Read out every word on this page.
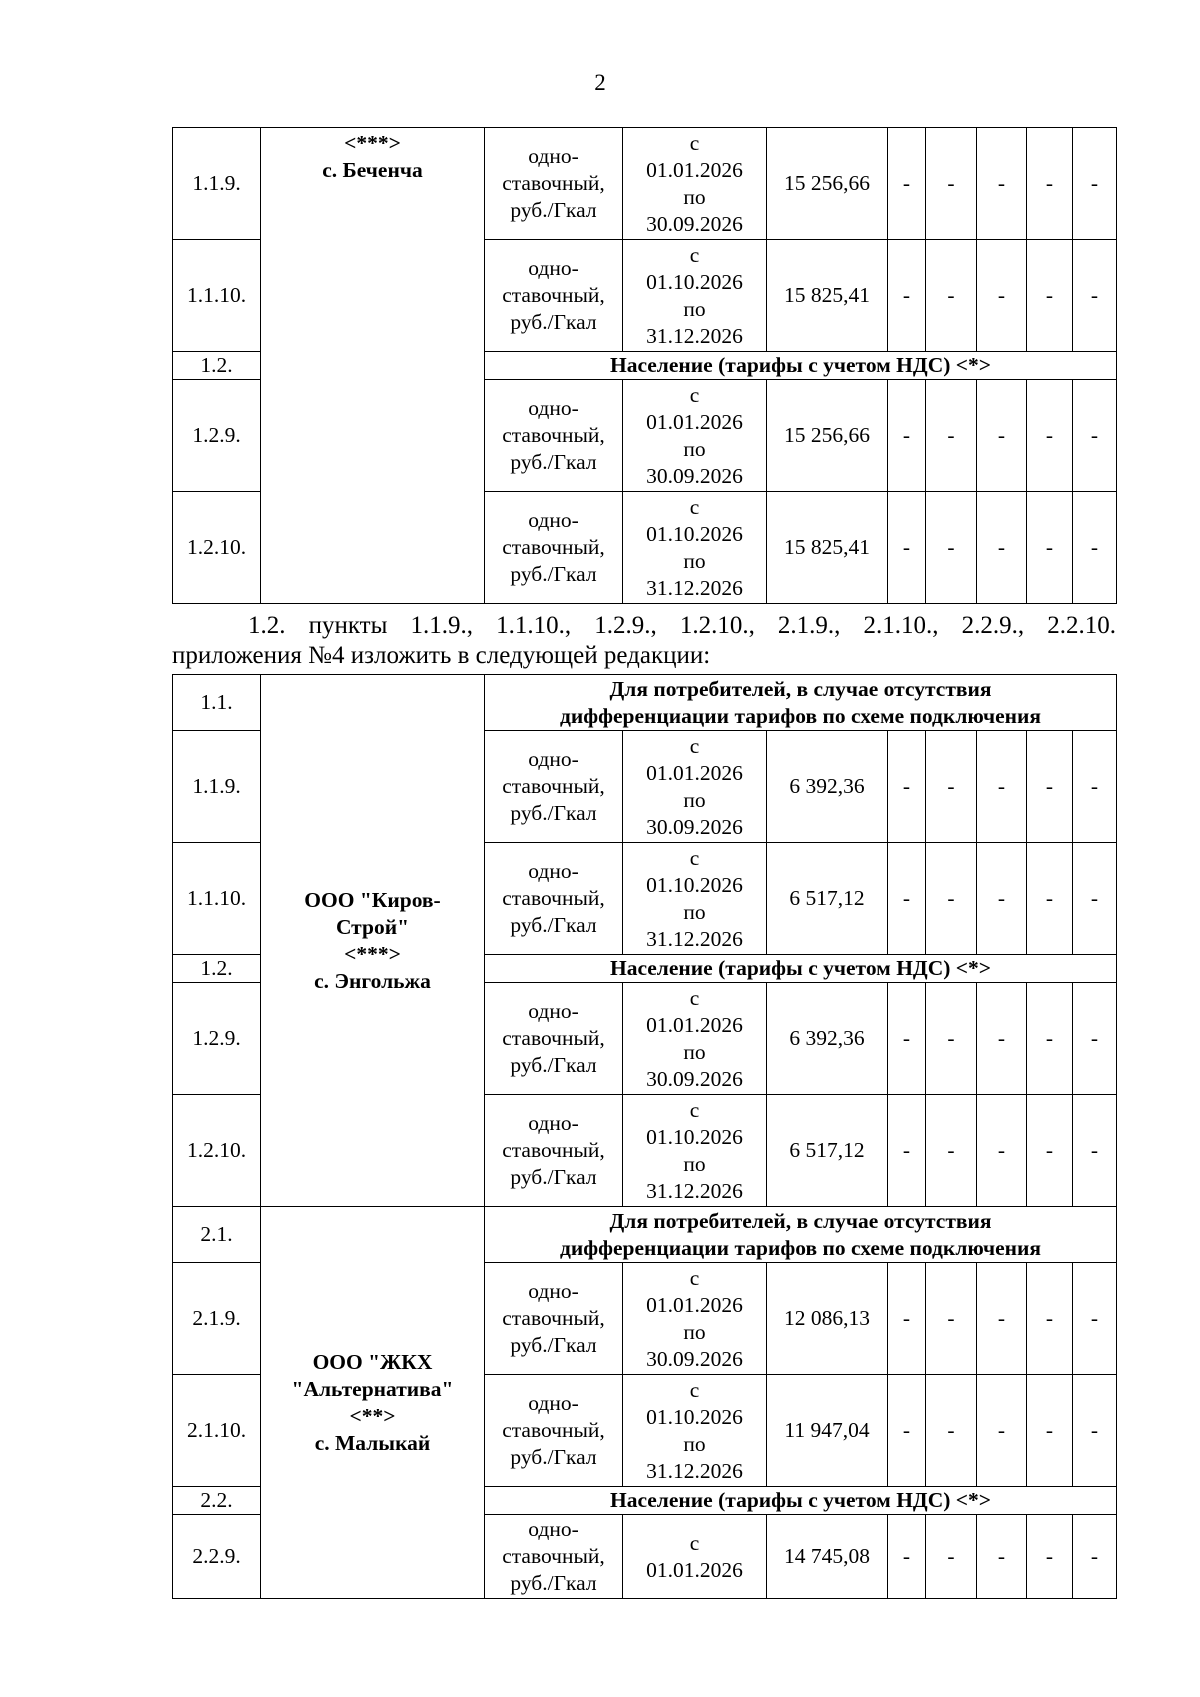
2
1.1.9.	<***>
с. Беченча	одно-
ставочный,
руб./Гкал	с
01.01.2026
по
30.09.2026	15 256,66	-	-	-	-	-
1.1.10.		одно-
ставочный,
руб./Гкал	с
01.10.2026
по
31.12.2026	15 825,41	-	-	-	-	-
1.2.		Население (тарифы с учетом НДС) <*>							
1.2.9.		одно-
ставочный,
руб./Гкал	с
01.01.2026
по
30.09.2026	15 256,66	-	-	-	-	-
1.2.10.		одно-
ставочный,
руб./Гкал	с
01.10.2026
по
31.12.2026	15 825,41	-	-	-	-	-
1.2. пункты 1.1.9., 1.1.10., 1.2.9., 1.2.10., 2.1.9., 2.1.10., 2.2.9., 2.2.10.
приложения №4 изложить в следующей редакции:
1.1.	ООО "Киров-
Строй"
<***>
с. Энгольжа	Для потребителей, в случае отсутствия
дифференциации тарифов по схеме подключения							
1.1.9.		одно-
ставочный,
руб./Гкал	с
01.01.2026
по
30.09.2026	6 392,36	-	-	-	-	-
1.1.10.		одно-
ставочный,
руб./Гкал	с
01.10.2026
по
31.12.2026	6 517,12	-	-	-	-	-
1.2.		Население (тарифы с учетом НДС) <*>							
1.2.9.		одно-
ставочный,
руб./Гкал	с
01.01.2026
по
30.09.2026	6 392,36	-	-	-	-	-
1.2.10.		одно-
ставочный,
руб./Гкал	с
01.10.2026
по
31.12.2026	6 517,12	-	-	-	-	-
2.1.	ООО "ЖКХ
"Альтернатива"
<**>
с. Малыкай	Для потребителей, в случае отсутствия
дифференциации тарифов по схеме подключения							
2.1.9.		одно-
ставочный,
руб./Гкал	с
01.01.2026
по
30.09.2026	12 086,13	-	-	-	-	-
2.1.10.		одно-
ставочный,
руб./Гкал	с
01.10.2026
по
31.12.2026	11 947,04	-	-	-	-	-
2.2.		Население (тарифы с учетом НДС) <*>							
2.2.9.		одно-
ставочный,
руб./Гкал	с
01.01.2026	14 745,08	-	-	-	-	-
